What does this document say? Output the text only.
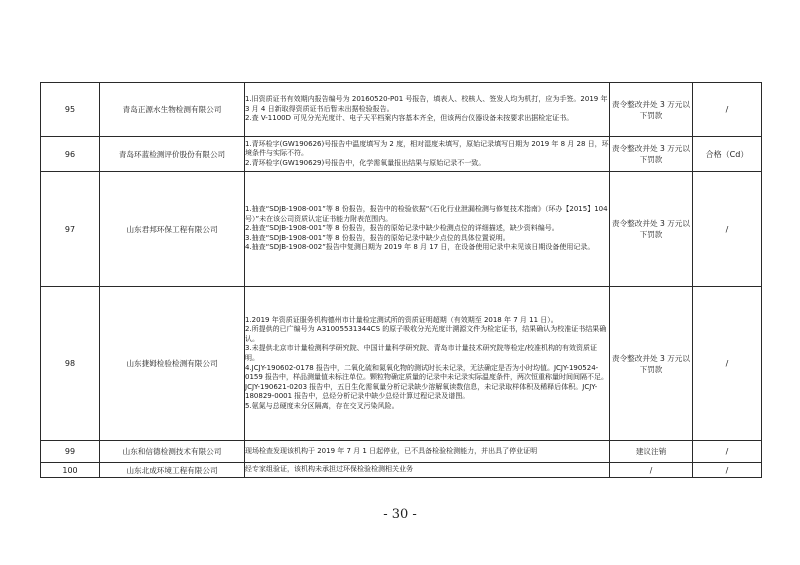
95	青岛正源水生物检测有限公司	1.旧资质证书有效期内报告编号为 20160520-P01 号报告，填表人、校核人、签发人均为机打，应为手签。2019 年 3 月 4 日新取得资质证书后暂未出据检验报告。
2.查 V-1100D 可见分光光度计、电子天平档案内容基本齐全，但该两台仪器设备未按要求出据检定证书。	责令整改并处 3 万元以下罚款	/
96	青岛环蓝检测评价股份有限公司	1.青环检字(GW190626)号报告中温度填写为 2 度，相对湿度未填写，原始记录填写日期为 2019 年 8 月 28 日，环境条件与实际不符。
2.青环检字(GW190629)号报告中，化学需氧量报出结果与原始记录不一致。	责令整改并处 3 万元以下罚款	合格（Cd）
97	山东君邦环保工程有限公司	1.抽查“SDJB-1908-001”等 8 份报告，报告中的检验依据“《石化行业泄漏检测与修复技术指南》（环办【2015】104 号）”未在该公司资质认定证书能力附表范围内。
2.抽查“SDJB-1908-001”等 8 份报告，报告的原始记录中缺少检测点位的详细描述，缺少资料编号。
3.抽查“SDJB-1908-001”等 8 份报告，报告的原始记录中缺少点位的具体位置说明。
4.抽查“SDJB-1908-002”报告中复测日期为 2019 年 8 月 17 日，在设备使用记录中未见该日期设备使用记录。	责令整改并处 3 万元以下罚款	/
98	山东捷姆检验检测有限公司	1.2019 年资质证服务机构德州市计量检定测试所的资质证明超期（有效期至 2018 年 7 月 11 日）。
2.所提供的已广编号为 A31005531344CS 的原子吸收分光光度计溯源文件为检定证书，结果确认为校准证书结果确认。
3.未提供北京市计量检测科学研究院、中国计量科学研究院、青岛市计量技术研究院等检定/校准机构的有效资质证明。
4.JCJY-190602-0178 报告中，二氧化硫和氮氧化物的测试时长未记录，无法确定是否为小时均值。JCJY-190524-0159 报告中，样品测量值未标注单位。颗粒物确定质量的记录中未记录实际温度条件，两次恒重称量时间间隔不足。JCJY-190621-0203 报告中，五日生化需氧量分析记录缺少溶解氧读数信息，未记录取样体积及稀释后体积。JCJY-180829-0001 报告中，总烃分析记录中缺少总烃计算过程记录及谱图。
5.氨氮与总硬度未分区隔离，存在交叉污染风险。	责令整改并处 3 万元以下罚款	/
99	山东和信德检测技术有限公司	现场检查发现该机构于 2019 年 7 月 1 日起停业，已不具备检验检测能力，并出具了停业证明	建议注销	/
100	山东北成环境工程有限公司	经专家组验证，该机构未承担过环保检验检测相关业务	/	/
- 30 -
